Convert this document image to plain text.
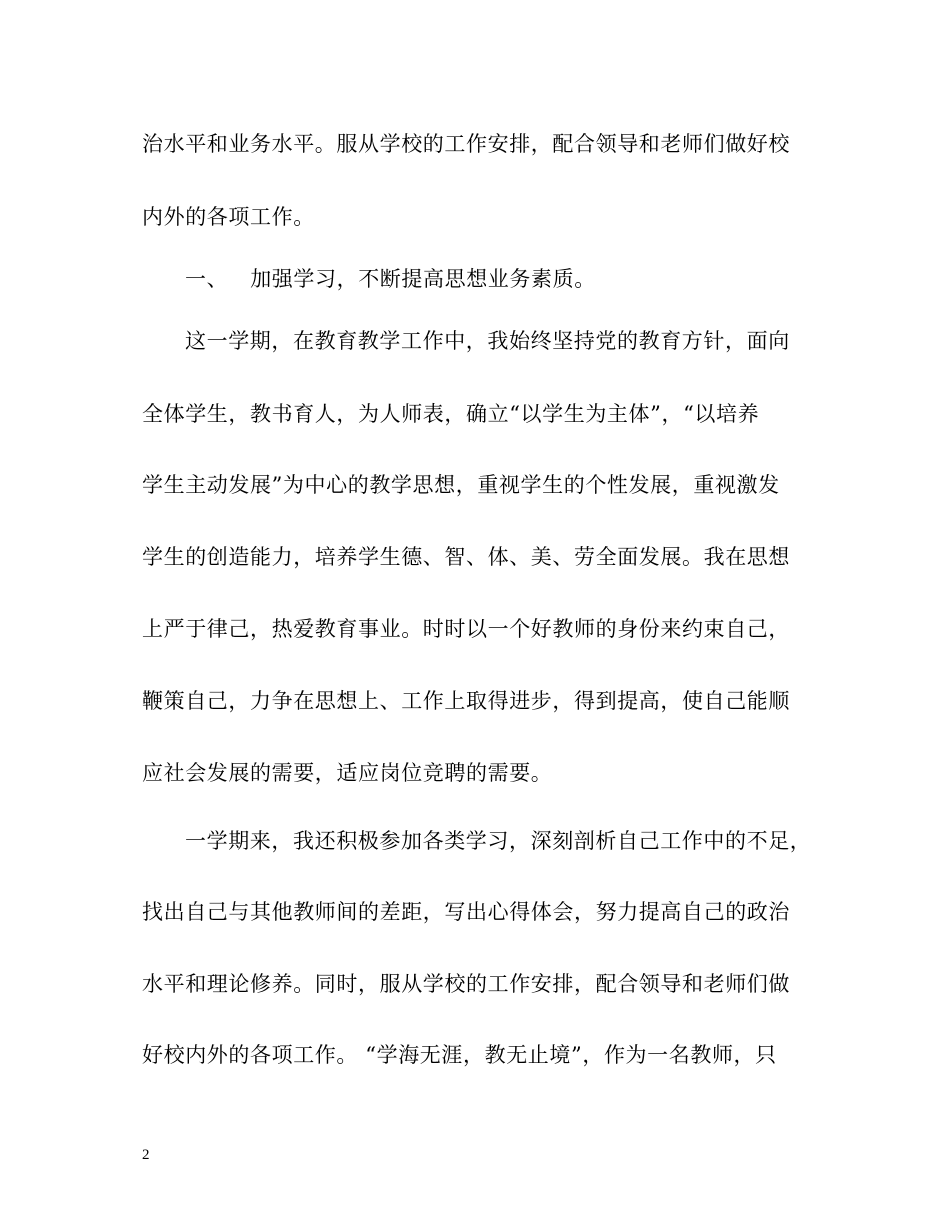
治水平和业务水平。服从学校的工作安排，配合领导和老师们做好校
内外的各项工作。
一、 加强学习，不断提高思想业务素质。
这一学期，在教育教学工作中，我始终坚持党的教育方针，面向
全体学生，教书育人，为人师表，确立“以学生为主体”，“以培养
学生主动发展”为中心的教学思想，重视学生的个性发展，重视激发
学生的创造能力，培养学生德、智、体、美、劳全面发展。我在思想
上严于律己，热爱教育事业。时时以一个好教师的身份来约束自己，
鞭策自己，力争在思想上、工作上取得进步，得到提高，使自己能顺
应社会发展的需要，适应岗位竞聘的需要。
一学期来，我还积极参加各类学习，深刻剖析自己工作中的不足，
找出自己与其他教师间的差距，写出心得体会，努力提高自己的政治
水平和理论修养。同时，服从学校的工作安排，配合领导和老师们做
好校内外的各项工作。 “学海无涯，教无止境”，作为一名教师，只
2
